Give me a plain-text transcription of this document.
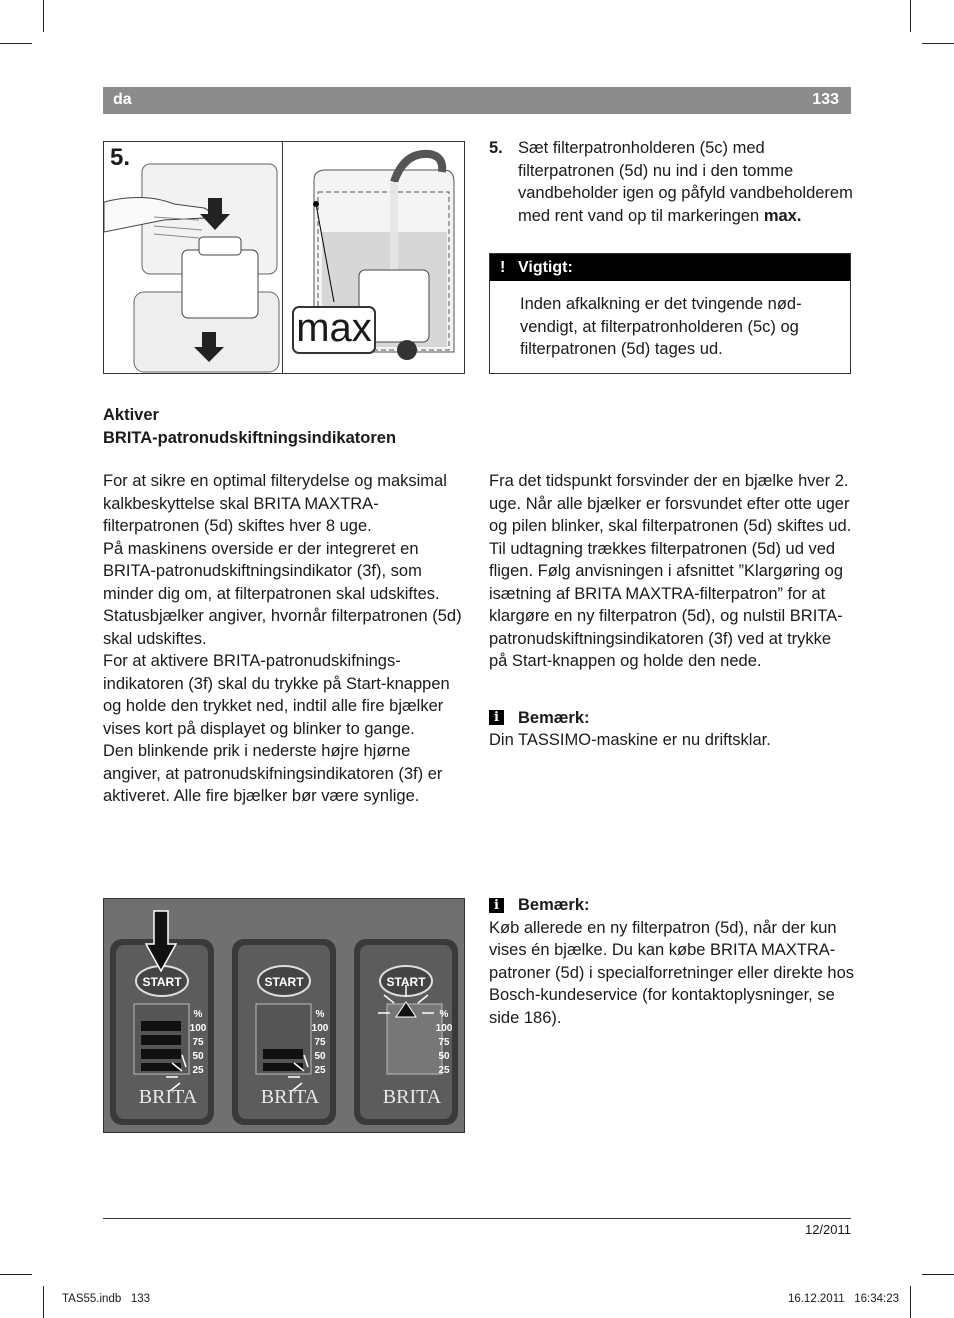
da	133
5.
max
5. Sæt filterpatronholderen (5c) med filterpatronen (5d) nu ind i den tomme vandbeholder igen og påfyld vandbeholderem med rent vand op til markeringen max.
! Vigtigt:
Inden afkalkning er det tvingende nødvendigt, at filterpatronholderen (5c) og filterpatronen (5d) tages ud.
Aktiver
BRITA-patronudskiftningsindikatoren

For at sikre en optimal filterydelse og maksimal kalkbeskyttelse skal BRITA MAXTRA-filterpatronen (5d) skiftes hver 8 uge.

På maskinens overside er der integreret en BRITA-patronudskiftningsindikator (3f), som minder dig om, at filterpatronen skal udskiftes. Statusbjælker angiver, hvornår filterpatronen (5d) skal udskiftes.

For at aktivere BRITA-patronudskifningsindikatoren (3f) skal du trykke på Start-knappen og holde den trykket ned, indtil alle fire bjælker vises kort på displayet og blinker to gange.

Den blinkende prik i nederste højre hjørne angiver, at patronudskifningsindikatoren (3f) er aktiveret. Alle fire bjælker bør være synlige.

Fra det tidspunkt forsvinder der en bjælke hver 2. uge. Når alle bjælker er forsvundet efter otte uger og pilen blinker, skal filterpatronen (5d) skiftes ud.

Til udtagning trækkes filterpatronen (5d) ud ved fligen. Følg anvisningen i afsnittet ”Klargøring og isætning af BRITA MAXTRA-filterpatron” for at klargøre en ny filterpatron (5d), og nulstil BRITA-patronudskiftningsindikatoren (3f) ved at trykke på Start-knappen og holde den nede.

i	Bemærk:

Din TASSIMO-maskine er nu driftsklar.

START	START	START
%
100
75
50
25
%
100
75
50
25
%
100
75
50
25
BRITA	BRITA	BRITA
i	Bemærk:

Køb allerede en ny filterpatron (5d), når der kun vises én bjælke. Du kan købe BRITA MAXTRA-patroner (5d) i specialforretninger eller direkte hos Bosch-kundeservice (for kontaktoplysninger, se side 186).

12/2011
TAS55.indb   133	16.12.2011   16:34:23
